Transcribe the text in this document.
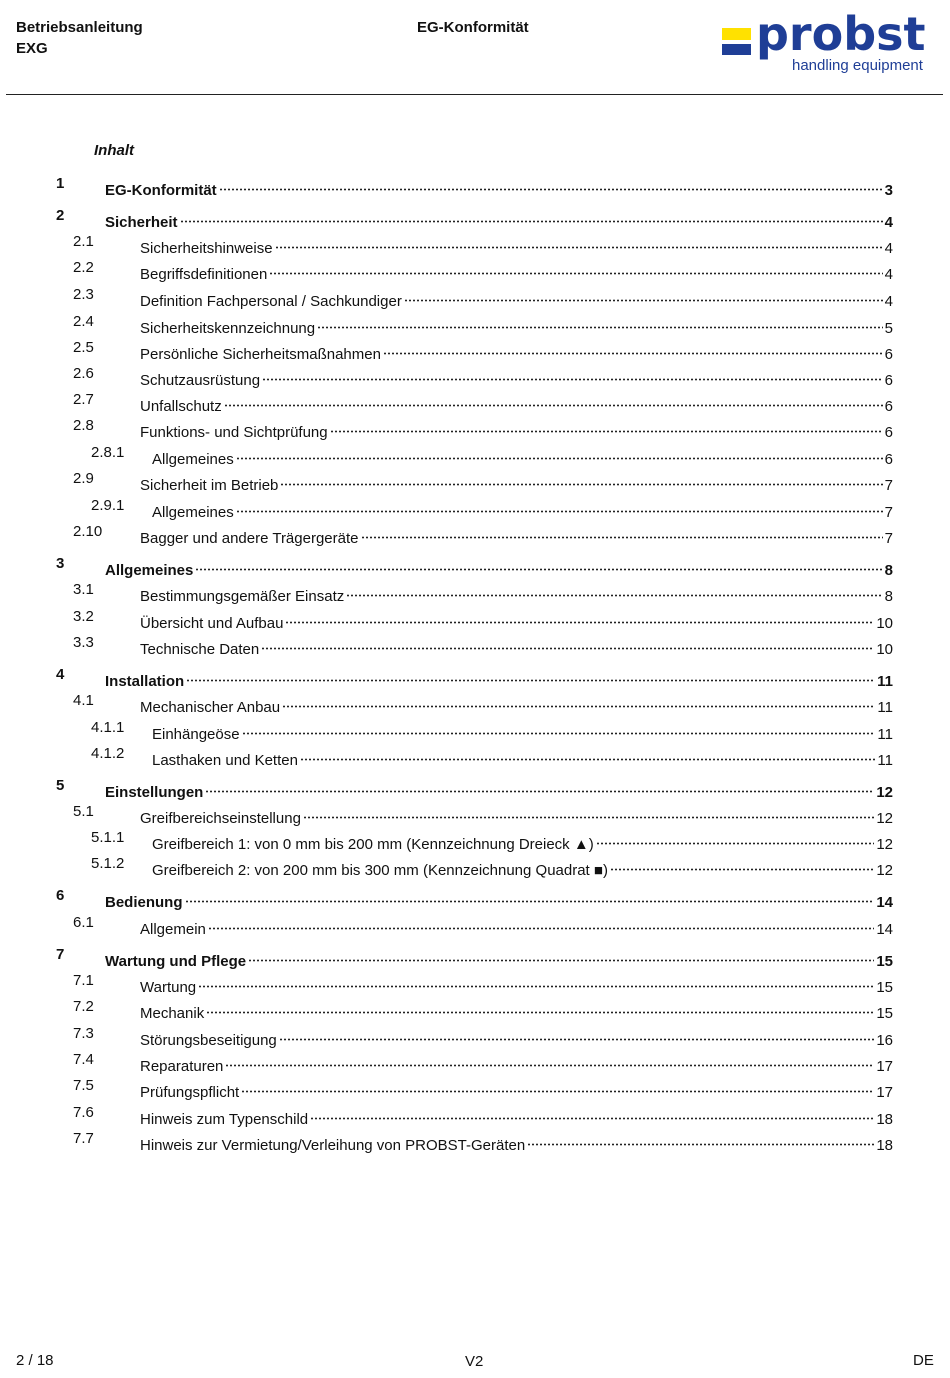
Betriebsanleitung
EXG
EG-Konformität	probst
handling equipment
Inhalt
1	EG-Konformität	3
2	Sicherheit	4
2.1	Sicherheitshinweise	4
2.2	Begriffsdefinitionen	4
2.3	Definition Fachpersonal / Sachkundiger	4
2.4	Sicherheitskennzeichnung	5
2.5	Persönliche Sicherheitsmaßnahmen	6
2.6	Schutzausrüstung	6
2.7	Unfallschutz	6
2.8	Funktions- und Sichtprüfung	6
2.8.1 Allgemeines	6
2.9	Sicherheit im Betrieb	7
2.9.1 Allgemeines	7
2.10	Bagger und andere Trägergeräte	7
3	Allgemeines	8
3.1	Bestimmungsgemäßer Einsatz	8
3.2	Übersicht und Aufbau	10
3.3	Technische Daten	10
4	Installation	11
4.1	Mechanischer Anbau	11
4.1.1 Einhängeöse	11
4.1.2 Lasthaken und Ketten	11
5	Einstellungen	12
5.1	Greifbereichseinstellung	12
5.1.1 Greifbereich 1: von 0 mm bis 200 mm (Kennzeichnung Dreieck ▲)	12
5.1.2 Greifbereich 2: von 200 mm bis 300 mm (Kennzeichnung Quadrat ■)	12
6	Bedienung	14
6.1	Allgemein	14
7	Wartung und Pflege	15
7.1	Wartung	15
7.2	Mechanik	15
7.3	Störungsbeseitigung	16
7.4	Reparaturen	17
7.5	Prüfungspflicht	17
7.6	Hinweis zum Typenschild	18
7.7	Hinweis zur Vermietung/Verleihung von PROBST-Geräten	18
2 / 18	V2	DE
